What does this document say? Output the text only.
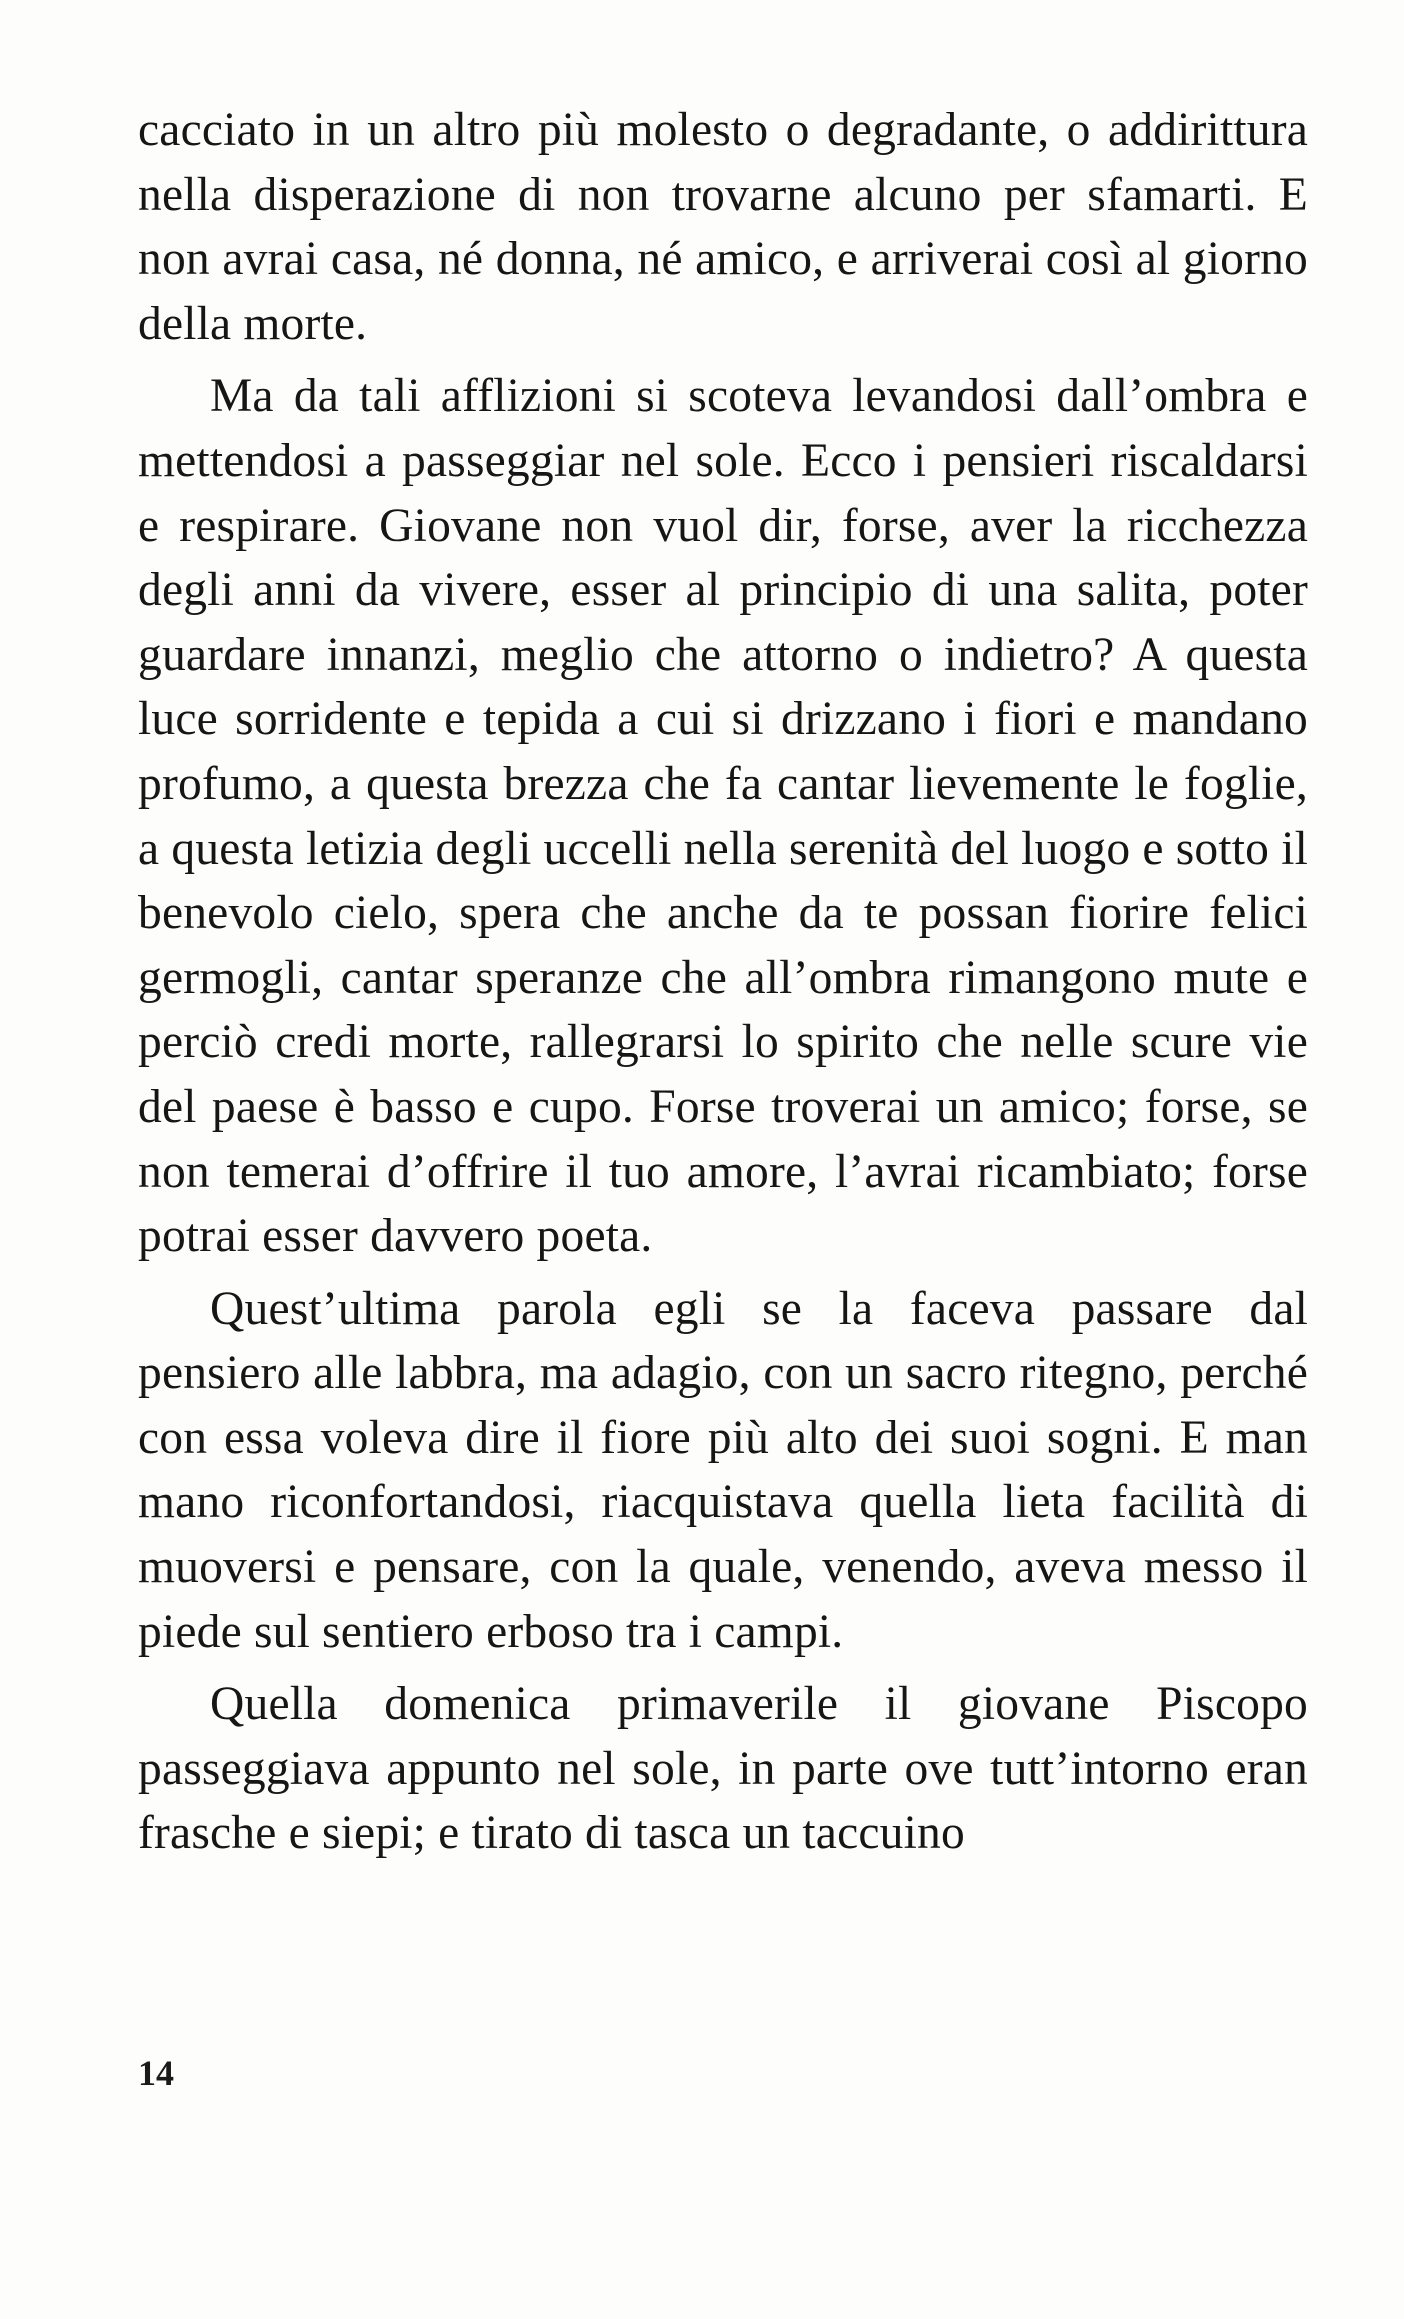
cacciato in un altro più molesto o degradante, o addirittura nella disperazione di non trovarne alcuno per sfamarti. E non avrai casa, né donna, né amico, e arriverai così al giorno della morte.

Ma da tali afflizioni si scoteva levandosi dall’ombra e mettendosi a passeggiar nel sole. Ecco i pensieri riscaldarsi e respirare. Giovane non vuol dir, forse, aver la ricchezza degli anni da vivere, esser al principio di una salita, poter guardare innanzi, meglio che attorno o indietro? A questa luce sorridente e tepida a cui si drizzano i fiori e mandano profumo, a questa brezza che fa cantar lievemente le foglie, a questa letizia degli uccelli nella serenità del luogo e sotto il benevolo cielo, spera che anche da te possan fiorire felici germogli, cantar speranze che all’ombra rimangono mute e perciò credi morte, rallegrarsi lo spirito che nelle scure vie del paese è basso e cupo. Forse troverai un amico; forse, se non temerai d’offrire il tuo amore, l’avrai ricambiato; forse potrai esser davvero poeta.

Quest’ultima parola egli se la faceva passare dal pensiero alle labbra, ma adagio, con un sacro ritegno, perché con essa voleva dire il fiore più alto dei suoi sogni. E man mano riconfortandosi, riacquistava quella lieta facilità di muoversi e pensare, con la quale, venendo, aveva messo il piede sul sentiero erboso tra i campi.

Quella domenica primaverile il giovane Piscopo passeggiava appunto nel sole, in parte ove tutt’intorno eran frasche e siepi; e tirato di tasca un taccuino

14
